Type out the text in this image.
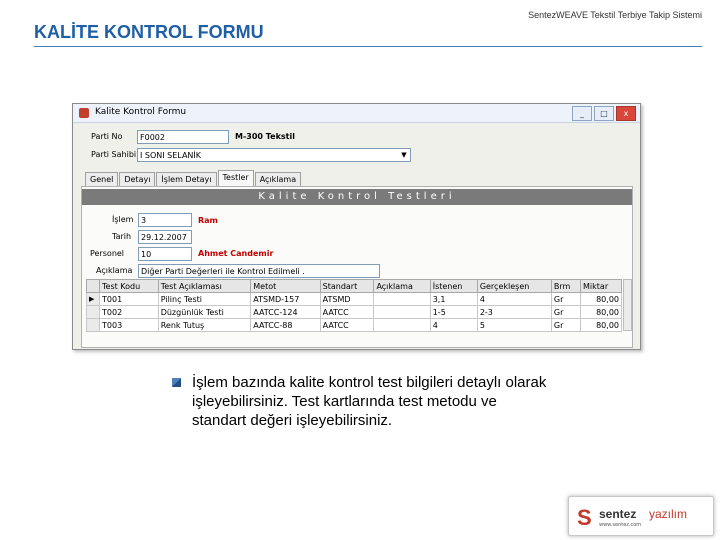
KALİTE KONTROL FORMU
SentezWEAVE Tekstil Terbiye Takip Sistemi
Kalite Kontrol Formu	_	□	x
Parti No	F0002	M-300 Tekstil
Parti Sahibi I SONI SELANİK	▼
Genel	Detayı	İşlem Detayı	Testler	Açıklama
Kalite Kontrol Testleri
İşlem 3	Ram
Tarih	29.12.2007
Personel	10	Ahmet Candemir
Açıklama	Diğer Parti Değerleri ile Kontrol Edilmeli .
	Test Kodu	Test Açıklaması	Metot	Standart	Açıklama	İstenen	Gerçekleşen	Brm	Miktar
▶	T001	Pilinç Testi	ATSMD-157	ATSMD		3,1	4	Gr	80,00
	T002	Düzgünlük Testi	AATCC-124	AATCC		1-5	2-3	Gr	80,00
	T003	Renk Tutuş	AATCC-88	AATCC		4	5	Gr	80,00
İşlem bazında kalite kontrol test bilgileri detaylı olarak işleyebilirsiniz. Test kartlarında test metodu ve standart değeri işleyebilirsiniz.
S sentez yazılım
www.sentez.com
